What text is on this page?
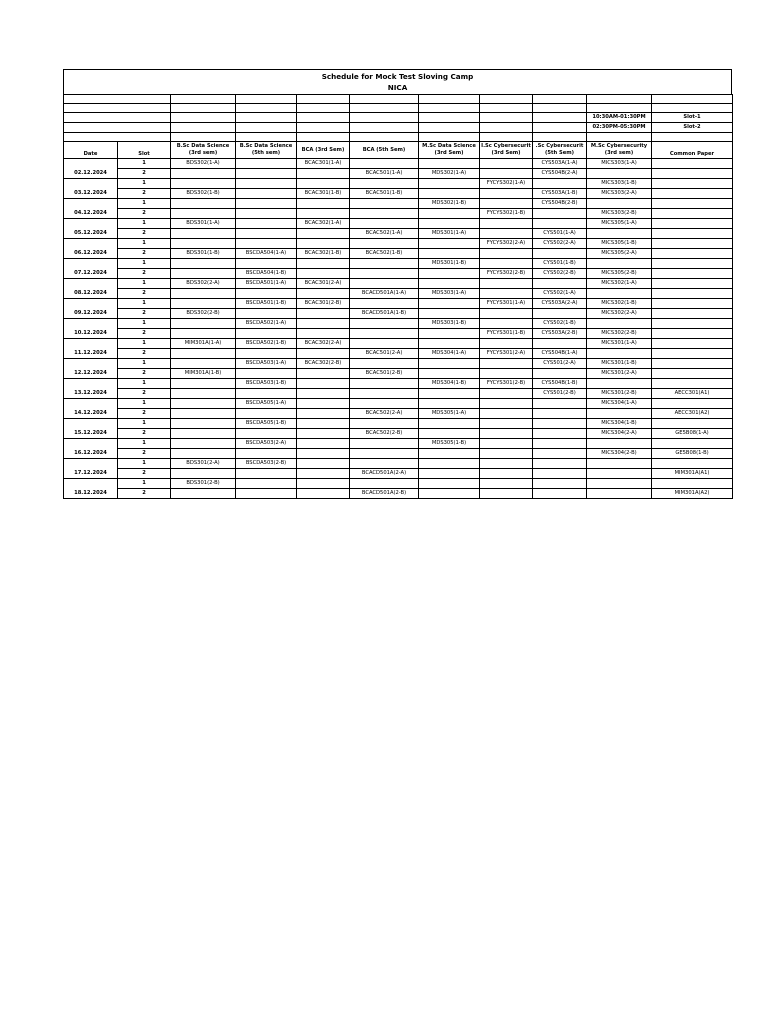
Schedule for Mock Test Sloving Camp
NICA

									10:30AM-01:30PM	Slot-1
									02:30PM-05:30PM	Slot-2

Date	Slot	B.Sc Data Science (3rd sem)	B.Sc Data Science (5th sem)	BCA (3rd Sem)	BCA (5th Sem)	M.Sc Data Science (3rd Sem)	I.Sc Cybersecurit (3rd Sem)	.Sc Cybersecurit (5th Sem)	M.Sc Cybersecurity (3rd sem)	Common Paper
02.12.2024	1	BDS302(1-A)		BCAC301(1-A)				CYS503A(1-A)	MICS303(1-A)	
	2				BCAC501(1-A)	MDS302(1-A)		CYS504B(2-A)		
03.12.2024	1						FYCYS302(1-A)		MICS303(1-B)	
	2	BDS302(1-B)		BCAC301(1-B)	BCAC501(1-B)			CYS503A(1-B)	MICS303(2-A)	
04.12.2024	1					MDS302(1-B)		CYS504B(2-B)		
	2						FYCYS302(1-B)		MICS303(2-B)	
05.12.2024	1	BDS301(1-A)		BCAC302(1-A)					MICS305(1-A)	
	2				BCAC502(1-A)	MDS301(1-A)		CYS501(1-A)		
06.12.2024	1						FYCYS302(2-A)	CYS502(2-A)	MICS305(1-B)	
	2	BDS301(1-B)	BSCDA504(1-A)	BCAC302(1-B)	BCAC502(1-B)				MICS305(2-A)	
07.12.2024	1					MDS301(1-B)		CYS501(1-B)		
	2		BSCDA504(1-B)				FYCYS302(2-B)	CYS502(2-B)	MICS305(2-B)	
08.12.2024	1	BDS302(2-A)	BSCDA501(1-A)	BCAC301(2-A)					MICS302(1-A)	
	2				BCACD501A(1-A)	MDS303(1-A)		CYS502(1-A)		
09.12.2024	1		BSCDA501(1-B)	BCAC301(2-B)			FYCYS301(1-A)	CYS503A(2-A)	MICS302(1-B)	
	2	BDS302(2-B)			BCACD501A(1-B)				MICS302(2-A)	
10.12.2024	1		BSCDA502(1-A)			MDS303(1-B)		CYS502(1-B)		
	2						FYCYS301(1-B)	CYS503A(2-B)	MICS302(2-B)	
11.12.2024	1	MIM301A(1-A)	BSCDA502(1-B)	BCAC302(2-A)					MICS301(1-A)	
	2				BCAC501(2-A)	MDS304(1-A)	FYCYS301(2-A)	CYS504B(1-A)		
12.12.2024	1		BSCDA503(1-A)	BCAC302(2-B)				CYS501(2-A)	MICS301(1-B)	
	2	MIM301A(1-B)			BCAC501(2-B)				MICS301(2-A)	
13.12.2024	1		BSCDA503(1-B)			MDS304(1-B)	FYCYS301(2-B)	CYS504B(1-B)		
	2							CYS501(2-B)	MICS301(2-B)	AECC301(A1)
14.12.2024	1		BSCDA505(1-A)						MICS304(1-A)	
	2				BCAC502(2-A)	MDS305(1-A)				AECC301(A2)
15.12.2024	1		BSCDA505(1-B)						MICS304(1-B)	
	2				BCAC502(2-B)				MICS304(2-A)	GE5B08(1-A)
16.12.2024	1		BSCDA503(2-A)			MDS305(1-B)				
	2								MICS304(2-B)	GE5B08(1-B)
17.12.2024	1	BDS301(2-A)	BSCDA503(2-B)							
	2				BCACD501A(2-A)					MIM301A(A1)
18.12.2024	1	BDS301(2-B)								
	2				BCACD501A(2-B)					MIM301A(A2)
